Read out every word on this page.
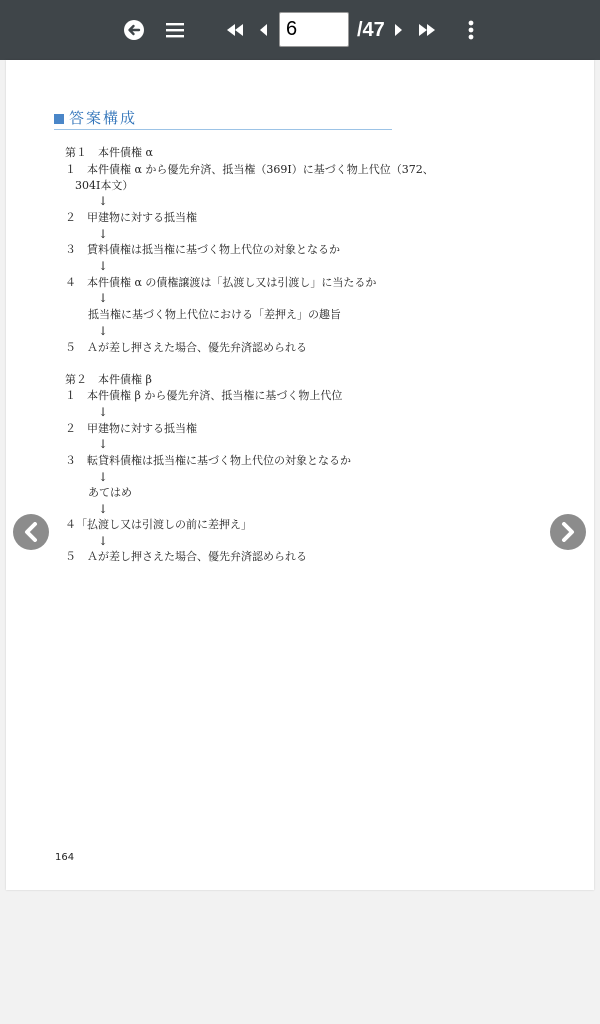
6
/47
答案構成
第１　本件債権 α
１　本件債権 α から優先弁済、抵当権（369Ⅰ）に基づく物上代位（372、
304Ⅰ本文）
↓
２　甲建物に対する抵当権
↓
３　賃料債権は抵当権に基づく物上代位の対象となるか
↓
４　本件債権 α の債権譲渡は「払渡し又は引渡し」に当たるか
↓
抵当権に基づく物上代位における「差押え」の趣旨
↓
５　Ａが差し押さえた場合、優先弁済認められる
第２　本件債権 β
１　本件債権 β から優先弁済、抵当権に基づく物上代位
↓
２　甲建物に対する抵当権
↓
３　転貸料債権は抵当権に基づく物上代位の対象となるか
↓
あてはめ
↓
４「払渡し又は引渡しの前に差押え」
↓
５　Ａが差し押さえた場合、優先弁済認められる
164
